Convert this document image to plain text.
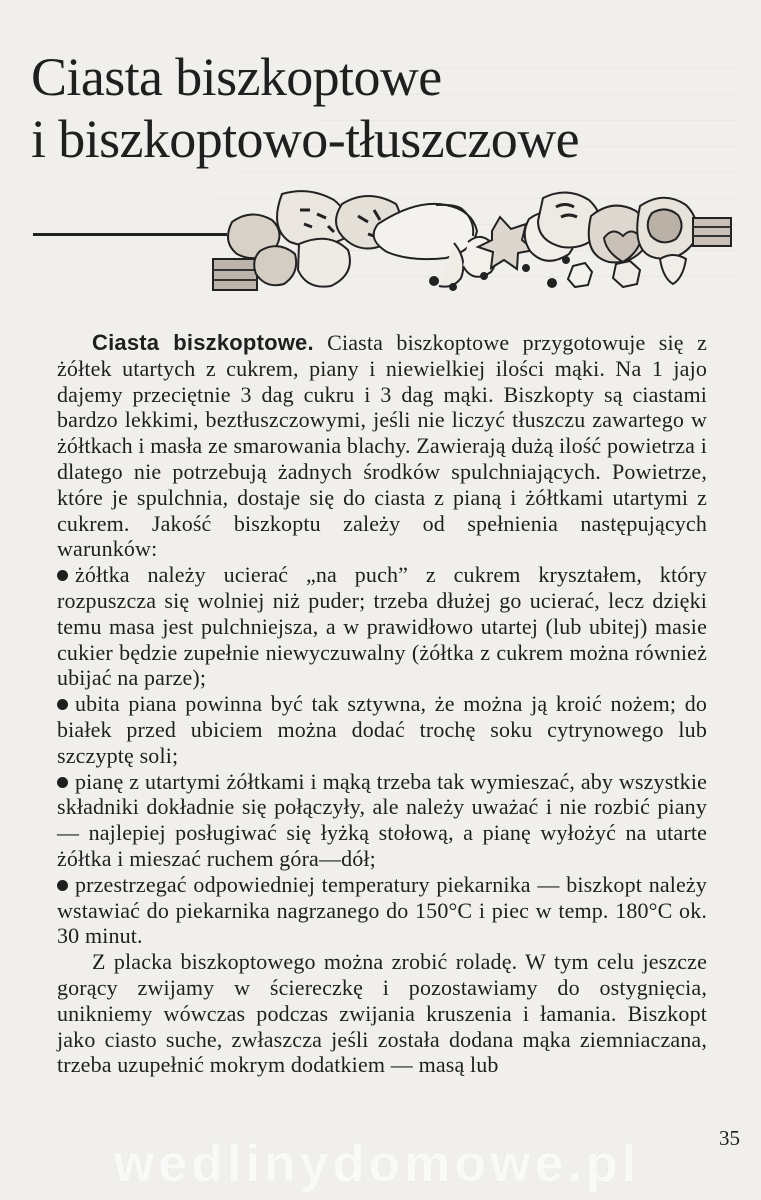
Ciasta biszkoptowe
i biszkoptowo-tłuszczowe

Ciasta biszkoptowe. Ciasta biszkoptowe przygotowuje się z żółtek utartych z cukrem, piany i niewielkiej ilości mąki. Na 1 jajo dajemy przeciętnie 3 dag cukru i 3 dag mąki. Biszkopty są ciastami bardzo lekkimi, beztłuszczowymi, jeśli nie liczyć tłuszczu zawartego w żółtkach i masła ze smarowania blachy. Zawierają dużą ilość powietrza i dlatego nie potrzebują żadnych środków spulchniających. Powietrze, które je spulchnia, dostaje się do ciasta z pianą i żółtkami utartymi z cukrem. Jakość biszkoptu zależy od spełnienia następujących warunków:

żółtka należy ucierać „na puch” z cukrem kryształem, który rozpuszcza się wolniej niż puder; trzeba dłużej go ucierać, lecz dzięki temu masa jest pulchniejsza, a w prawidłowo utartej (lub ubitej) masie cukier będzie zupełnie niewyczuwalny (żółtka z cukrem można również ubijać na parze);

ubita piana powinna być tak sztywna, że można ją kroić nożem; do białek przed ubiciem można dodać trochę soku cytrynowego lub szczyptę soli;

pianę z utartymi żółtkami i mąką trzeba tak wymieszać, aby wszystkie składniki dokładnie się połączyły, ale należy uważać i nie rozbić piany — najlepiej posługiwać się łyżką stołową, a pianę wyłożyć na utarte żółtka i mieszać ruchem góra—dół;

przestrzegać odpowiedniej temperatury piekarnika — biszkopt należy wstawiać do piekarnika nagrzanego do 150°C i piec w temp. 180°C ok. 30 minut.

Z placka biszkoptowego można zrobić roladę. W tym celu jeszcze gorący zwijamy w ściereczkę i pozostawiamy do ostygnięcia, unikniemy wówczas podczas zwijania kruszenia i łamania. Biszkopt jako ciasto suche, zwłaszcza jeśli została dodana mąka ziemniaczana, trzeba uzupełnić mokrym dodatkiem — masą lub

wedlinydomowe.pl	35
